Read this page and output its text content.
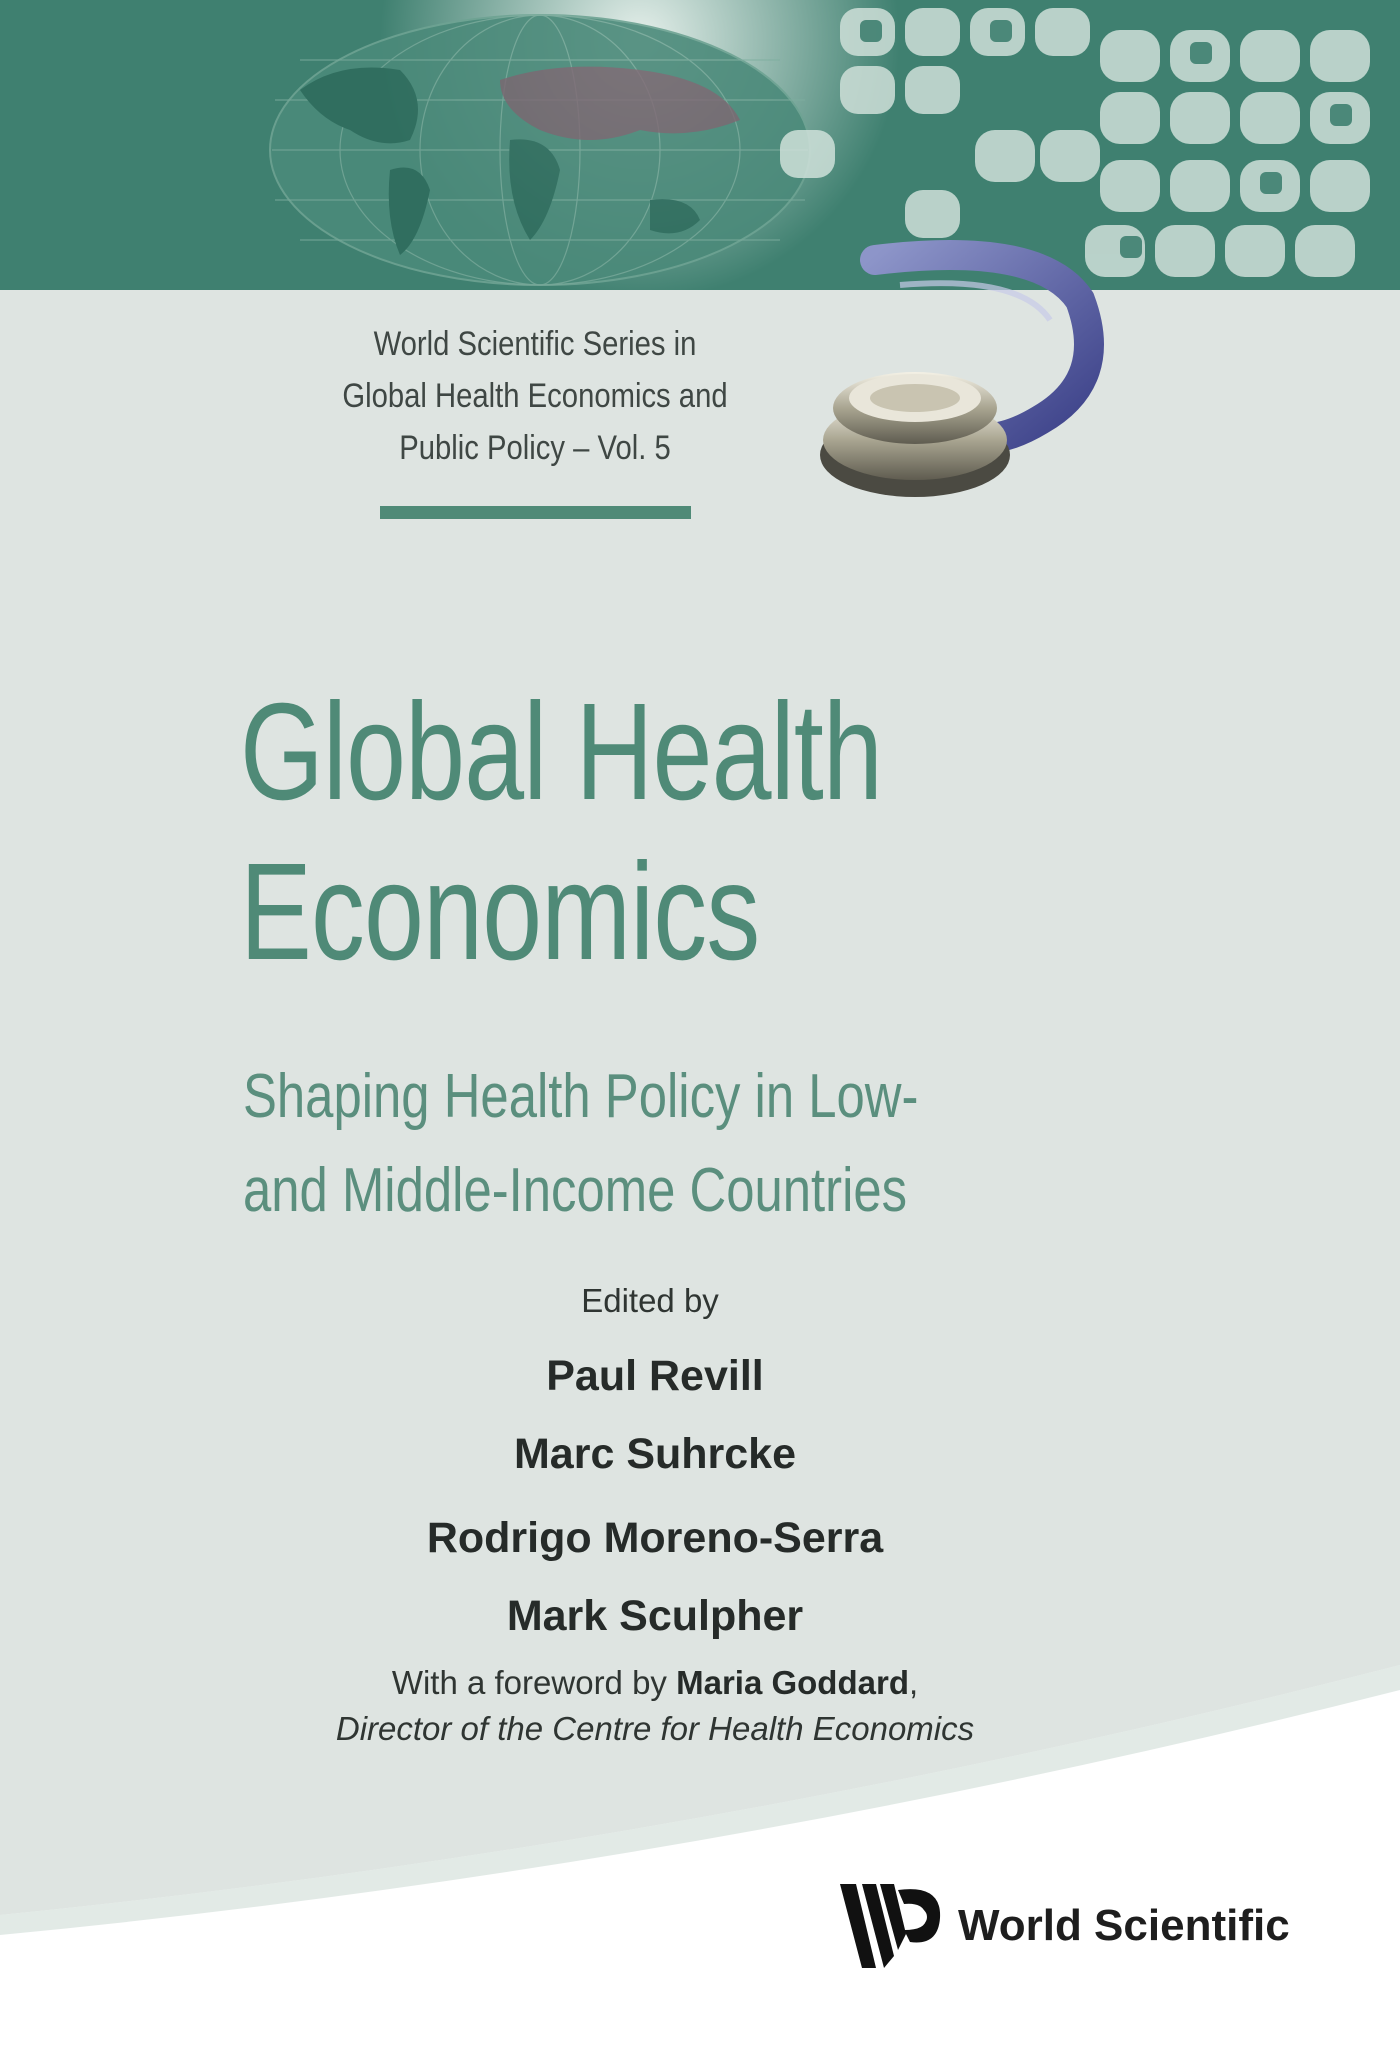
World Scientific Series in
Global Health Economics and
Public Policy – Vol. 5
Global Health
Economics
Shaping Health Policy in Low-
and Middle-Income Countries
Edited by
Paul Revill
Marc Suhrcke
Rodrigo Moreno-Serra
Mark Sculpher
With a foreword by Maria Goddard,
Director of the Centre for Health Economics
World Scientific
